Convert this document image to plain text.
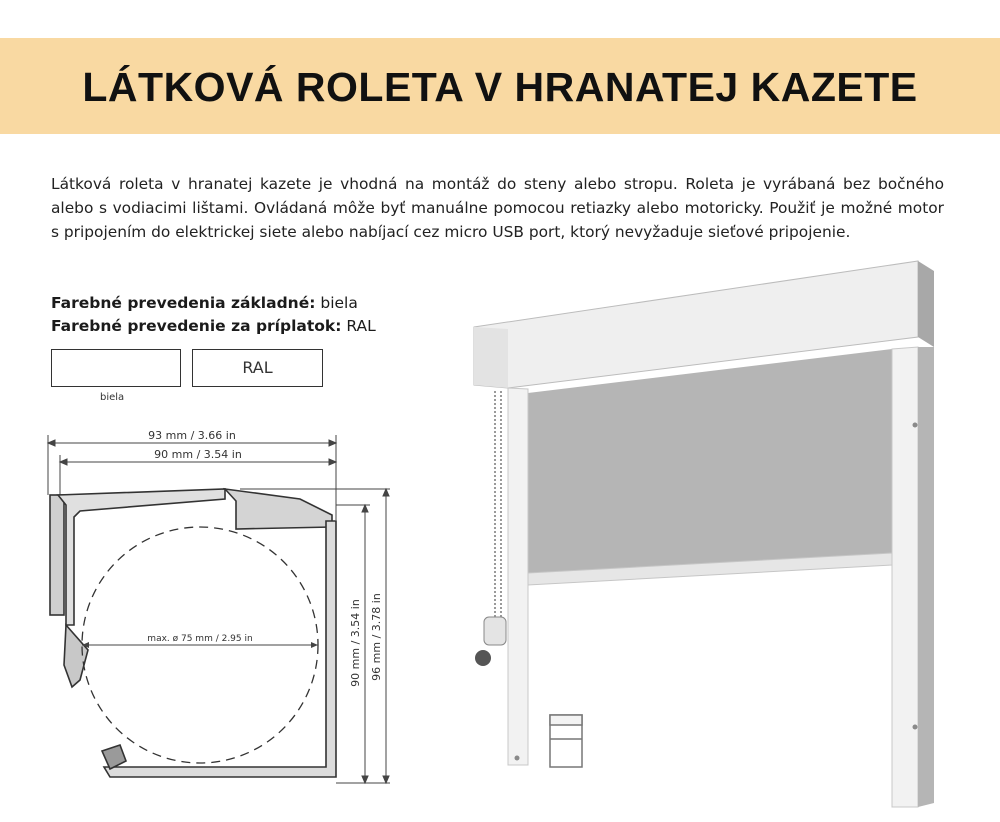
LÁTKOVÁ ROLETA V HRANATEJ KAZETE

Látková roleta v hranatej kazete je vhodná na montáž do steny alebo stropu. Roleta je vyrábaná bez bočného alebo s vodiacimi lištami. Ovládaná môže byť manuálne pomocou retiazky alebo motoricky. Použiť je možné motor s pripojením do elektrickej siete alebo nabíjací cez micro USB port, ktorý nevyžaduje sieťové pripojenie.

Farebné prevedenia základné: biela
Farebné prevedenie za príplatok: RAL
RAL
biela
93 mm / 3.66 in
90 mm / 3.54 in
max. ø 75 mm / 2.95 in	90 mm / 3.54 in 96 mm / 3.78 in
